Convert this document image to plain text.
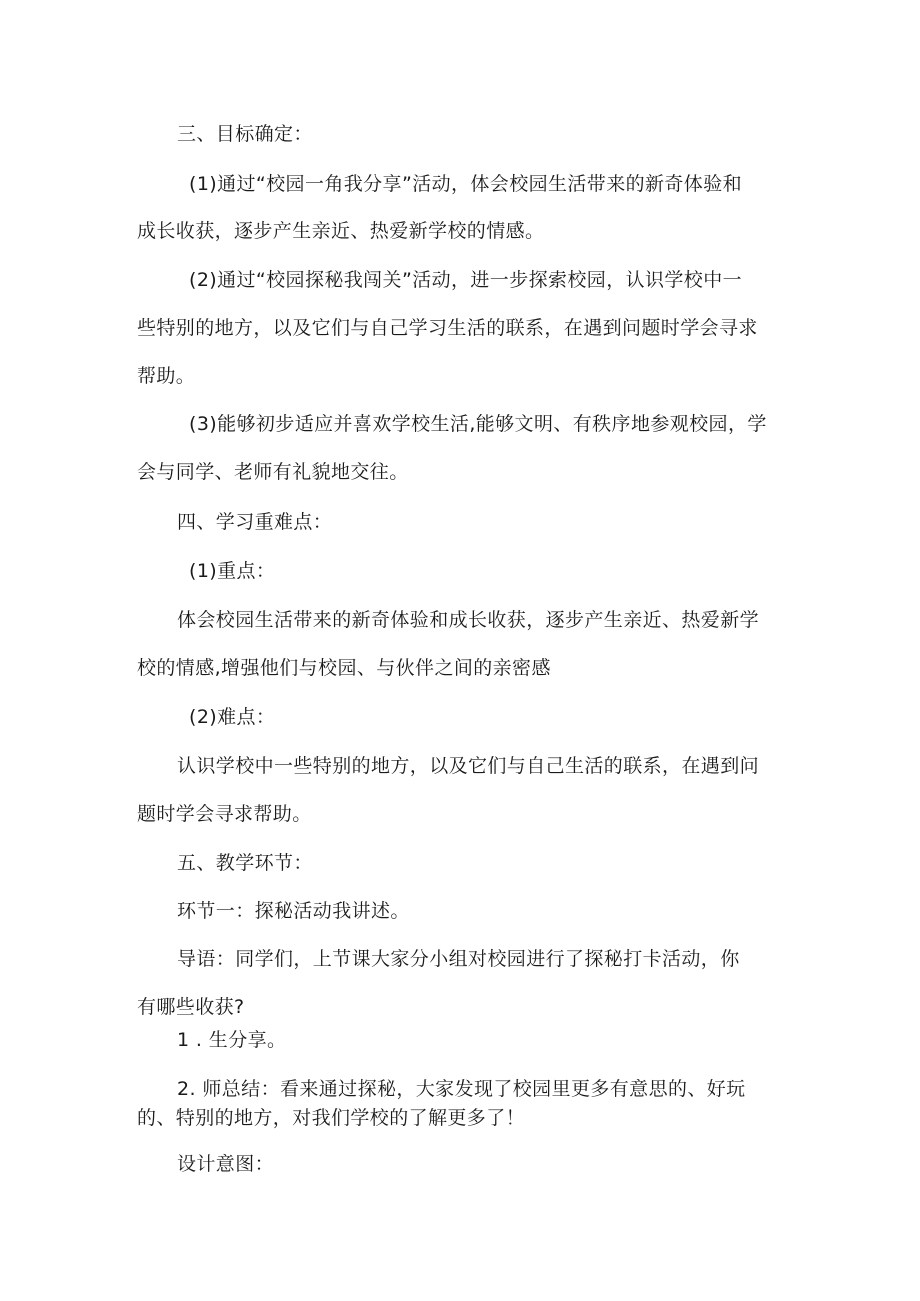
三、目标确定：
(1)通过“校园一角我分享”活动，体会校园生活带来的新奇体验和
成长收获，逐步产生亲近、热爱新学校的情感。
(2)通过“校园探秘我闯关”活动，进一步探索校园，认识学校中一
些特别的地方，以及它们与自己学习生活的联系，在遇到问题时学会寻求
帮助。
(3)能够初步适应并喜欢学校生活,能够文明、有秩序地参观校园，学
会与同学、老师有礼貌地交往。
四、学习重难点：
(1)重点：
体会校园生活带来的新奇体验和成长收获，逐步产生亲近、热爱新学
校的情感,增强他们与校园、与伙伴之间的亲密感
(2)难点：
认识学校中一些特别的地方，以及它们与自己生活的联系，在遇到问
题时学会寻求帮助。
五、教学环节：
环节一：探秘活动我讲述。
导语：同学们，上节课大家分小组对校园进行了探秘打卡活动，你
有哪些收获?
1 . 生分享。
2. 师总结：看来通过探秘，大家发现了校园里更多有意思的、好玩
的、特别的地方，对我们学校的了解更多了！
设计意图：
